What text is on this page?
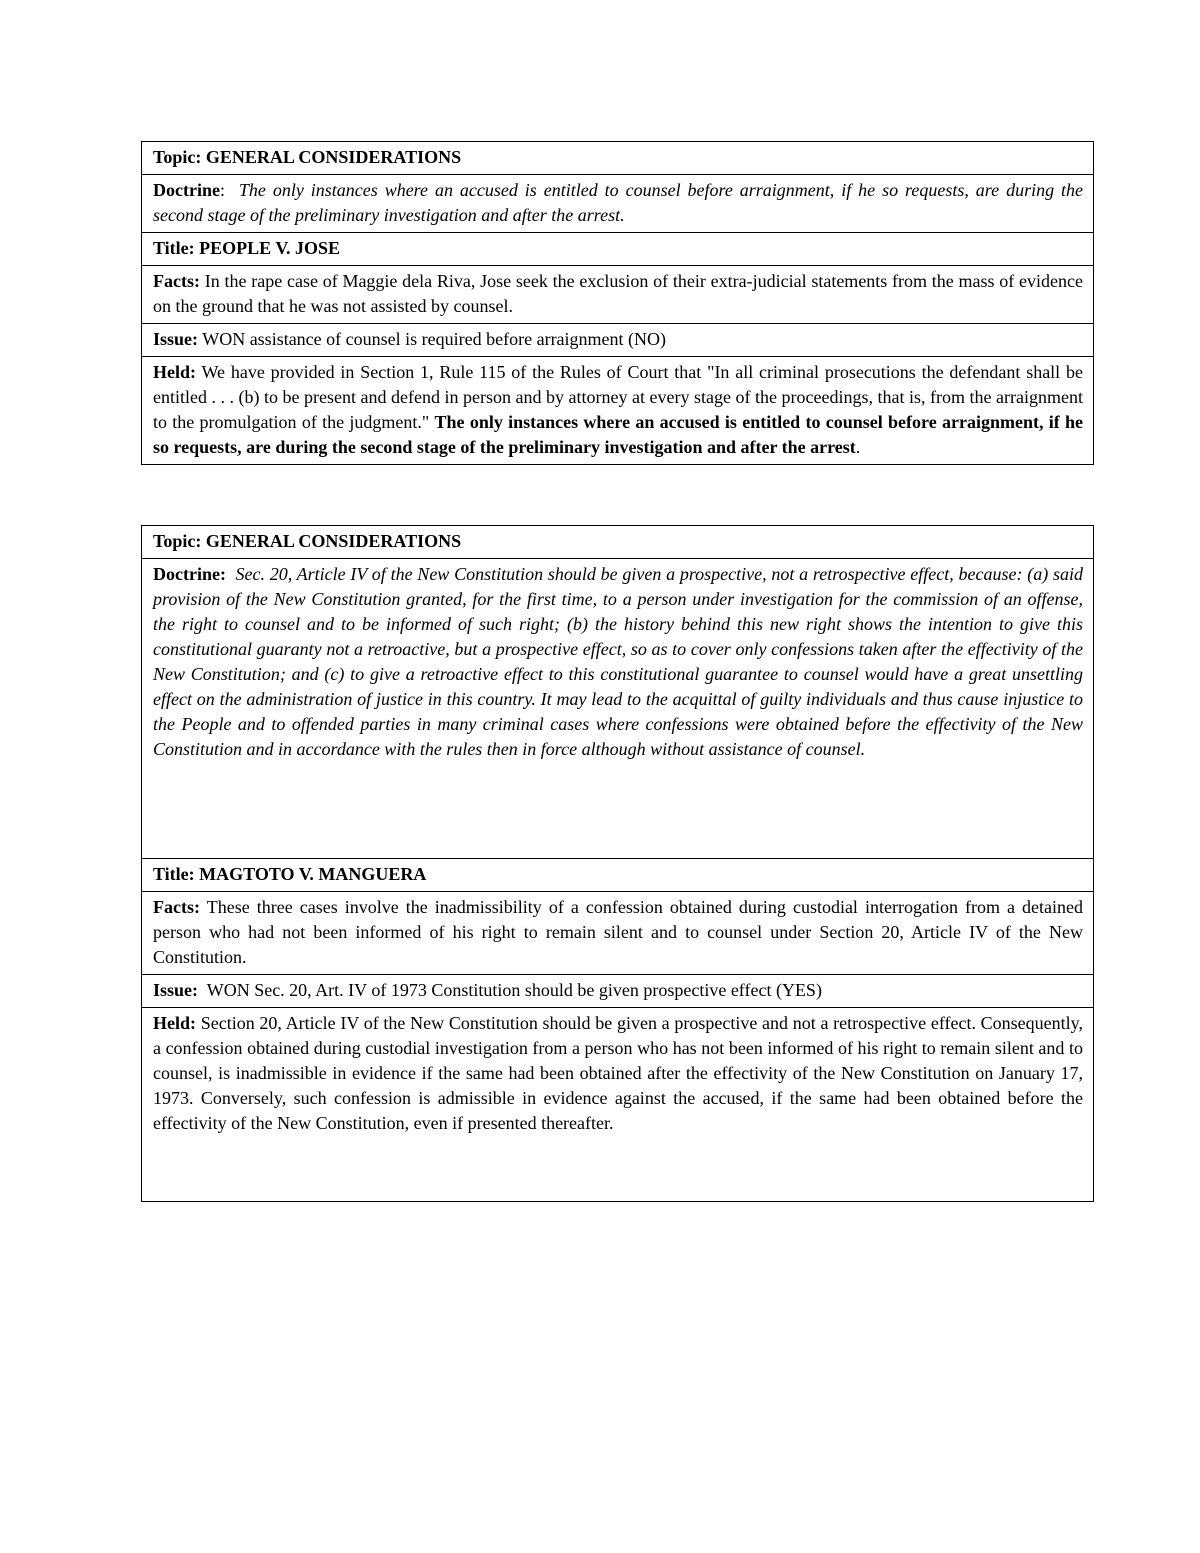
Topic: GENERAL CONSIDERATIONS
Doctrine: The only instances where an accused is entitled to counsel before arraignment, if he so requests, are during the second stage of the preliminary investigation and after the arrest.
Title: PEOPLE V. JOSE
Facts: In the rape case of Maggie dela Riva, Jose seek the exclusion of their extra-judicial statements from the mass of evidence on the ground that he was not assisted by counsel.
Issue: WON assistance of counsel is required before arraignment (NO)
Held: We have provided in Section 1, Rule 115 of the Rules of Court that "In all criminal prosecutions the defendant shall be entitled . . . (b) to be present and defend in person and by attorney at every stage of the proceedings, that is, from the arraignment to the promulgation of the judgment." The only instances where an accused is entitled to counsel before arraignment, if he so requests, are during the second stage of the preliminary investigation and after the arrest.
Topic: GENERAL CONSIDERATIONS
Doctrine: Sec. 20, Article IV of the New Constitution should be given a prospective, not a retrospective effect, because: (a) said provision of the New Constitution granted, for the first time, to a person under investigation for the commission of an offense, the right to counsel and to be informed of such right; (b) the history behind this new right shows the intention to give this constitutional guaranty not a retroactive, but a prospective effect, so as to cover only confessions taken after the effectivity of the New Constitution; and (c) to give a retroactive effect to this constitutional guarantee to counsel would have a great unsettling effect on the administration of justice in this country. It may lead to the acquittal of guilty individuals and thus cause injustice to the People and to offended parties in many criminal cases where confessions were obtained before the effectivity of the New Constitution and in accordance with the rules then in force although without assistance of counsel.
Title: MAGTOTO V. MANGUERA
Facts: These three cases involve the inadmissibility of a confession obtained during custodial interrogation from a detained person who had not been informed of his right to remain silent and to counsel under Section 20, Article IV of the New Constitution.
Issue: WON Sec. 20, Art. IV of 1973 Constitution should be given prospective effect (YES)
Held: Section 20, Article IV of the New Constitution should be given a prospective and not a retrospective effect. Consequently, a confession obtained during custodial investigation from a person who has not been informed of his right to remain silent and to counsel, is inadmissible in evidence if the same had been obtained after the effectivity of the New Constitution on January 17, 1973. Conversely, such confession is admissible in evidence against the accused, if the same had been obtained before the effectivity of the New Constitution, even if presented thereafter.
